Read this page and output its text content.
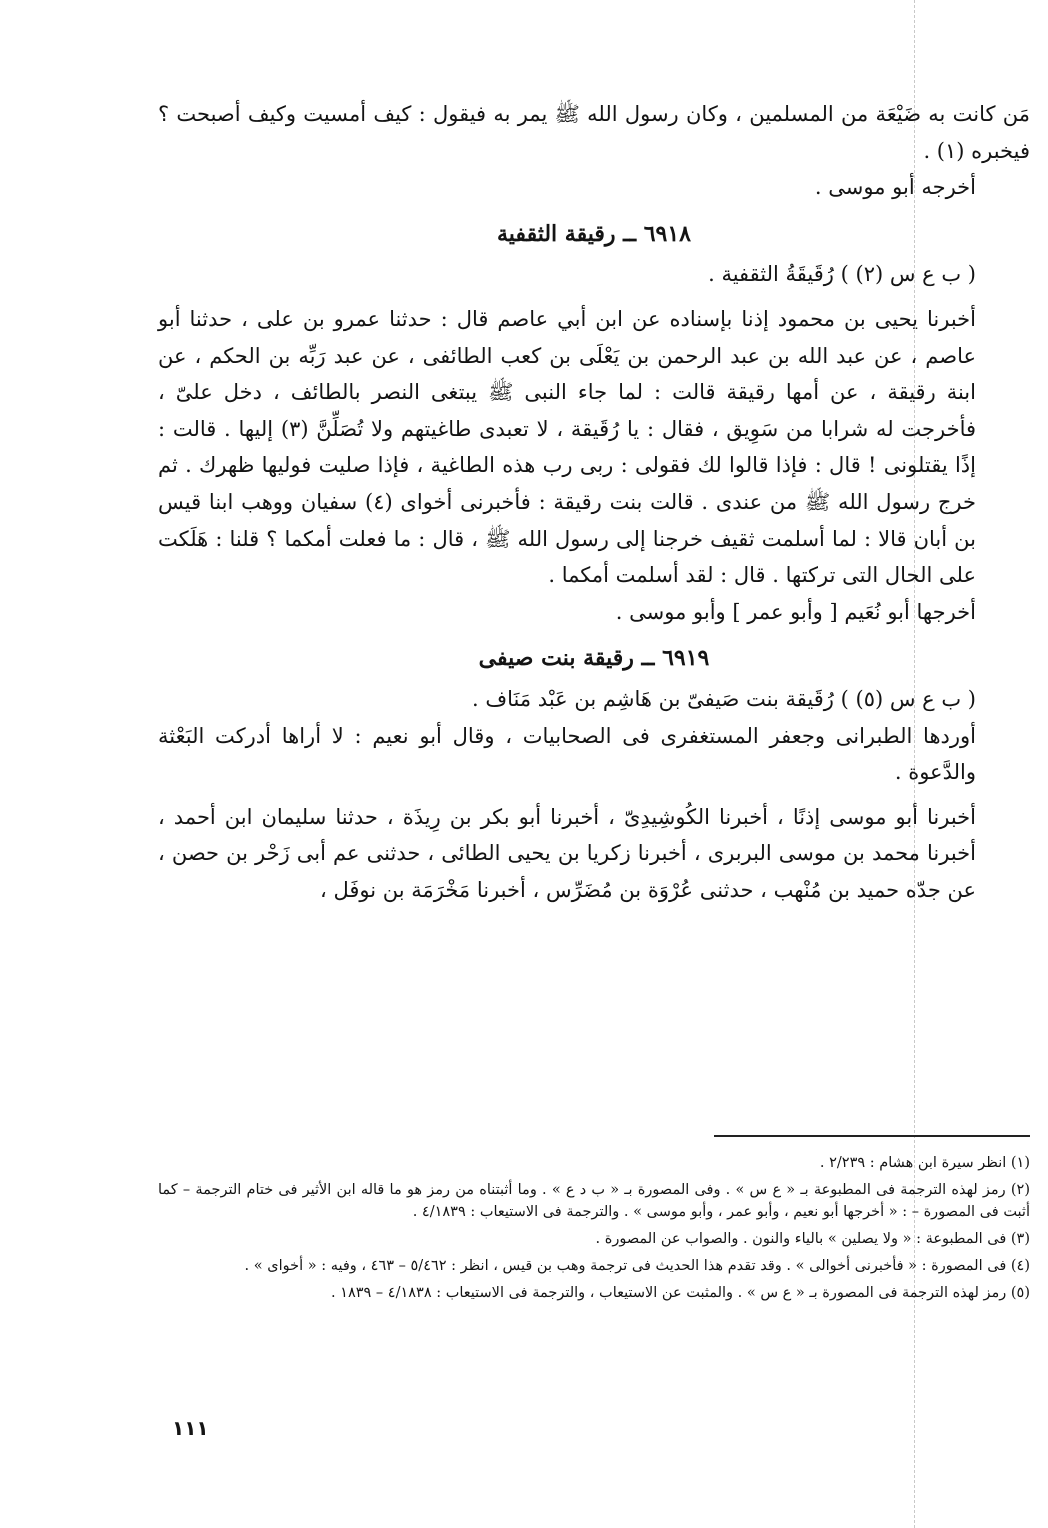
مَن كانت به ضَيْعَة من المسلمين ، وكان رسول الله ﷺ يمر به فيقول : كيف أمسيت وكيف أصبحت ؟ فيخبره (١) .

أخرجه أبو موسى .

٦٩١٨ ــ رقيقة الثقفية

( ب ع س (٢) ) رُقَيقَةُ الثقفية .

أخبرنا يحيى بن محمود إذنا بإسناده عن ابن أبي عاصم قال : حدثنا عمرو بن على ، حدثنا أبو عاصم ، عن عبد الله بن عبد الرحمن بن يَعْلَى بن كعب الطائفى ، عن عبد رَبِّه بن الحكم ، عن ابنة رقيقة ، عن أمها رقيقة قالت : لما جاء النبى ﷺ يبتغى النصر بالطائف ، دخل علىّ ، فأخرجت له شرابا من سَوِيق ، فقال : يا رُقَيقة ، لا تعبدى طاغيتهم ولا تُصَلِّنَّ (٣) إليها . قالت : إذًا يقتلونى ! قال : فإذا قالوا لك فقولى : ربى رب هذه الطاغية ، فإذا صليت فوليها ظهرك . ثم خرج رسول الله ﷺ من عندى . قالت بنت رقيقة : فأخبرنى أخواى (٤) سفيان ووهب ابنا قيس بن أبان قالا : لما أسلمت ثقيف خرجنا إلى رسول الله ﷺ ، قال : ما فعلت أمكما ؟ قلنا : هَلَكت على الحال التى تركتها . قال : لقد أسلمت أمكما .

أخرجها أبو نُعَيم [ وأبو عمر ] وأبو موسى .

٦٩١٩ ــ رقيقة بنت صيفى

( ب ع س (٥) ) رُقَيقة بنت صَيفىّ بن هَاشِم بن عَبْد مَنَاف .

أوردها الطبرانى وجعفر المستغفرى فى الصحابيات ، وقال أبو نعيم : لا أراها أدركت البَعْثة والدَّعوة .

أخبرنا أبو موسى إذنًا ، أخبرنا الكُوشِيدِىّ ، أخبرنا أبو بكر بن رِيذَة ، حدثنا سليمان ابن أحمد ، أخبرنا محمد بن موسى البربرى ، أخبرنا زكريا بن يحيى الطائى ، حدثنى عم أبى زَحْر بن حصن ، عن جدّه حميد بن مُنْهب ، حدثنى عُرْوَة بن مُضَرِّس ، أخبرنا مَخْرَمَة بن نوفَل ،

(١) انظر سيرة ابن هشام : ٢/٢٣٩ .

(٢) رمز لهذه الترجمة فى المطبوعة بـ « ع س » . وفى المصورة بـ « ب د ع » . وما أثبتناه من رمز هو ما قاله ابن الأثير فى ختام الترجمة – كما أثبت فى المصورة – : « أخرجها أبو نعيم ، وأبو عمر ، وأبو موسى » . والترجمة فى الاستيعاب : ٤/١٨٣٩ .

(٣) فى المطبوعة : « ولا يصلين » بالياء والنون . والصواب عن المصورة .

(٤) فى المصورة : « فأخبرنى أخوالى » . وقد تقدم هذا الحديث فى ترجمة وهب بن قيس ، انظر : ٥/٤٦٢ – ٤٦٣ ، وفيه : « أخواى » .

(٥) رمز لهذه الترجمة فى المصورة بـ « ع س » . والمثبت عن الاستيعاب ، والترجمة فى الاستيعاب : ٤/١٨٣٨ – ١٨٣٩ .

١١١
